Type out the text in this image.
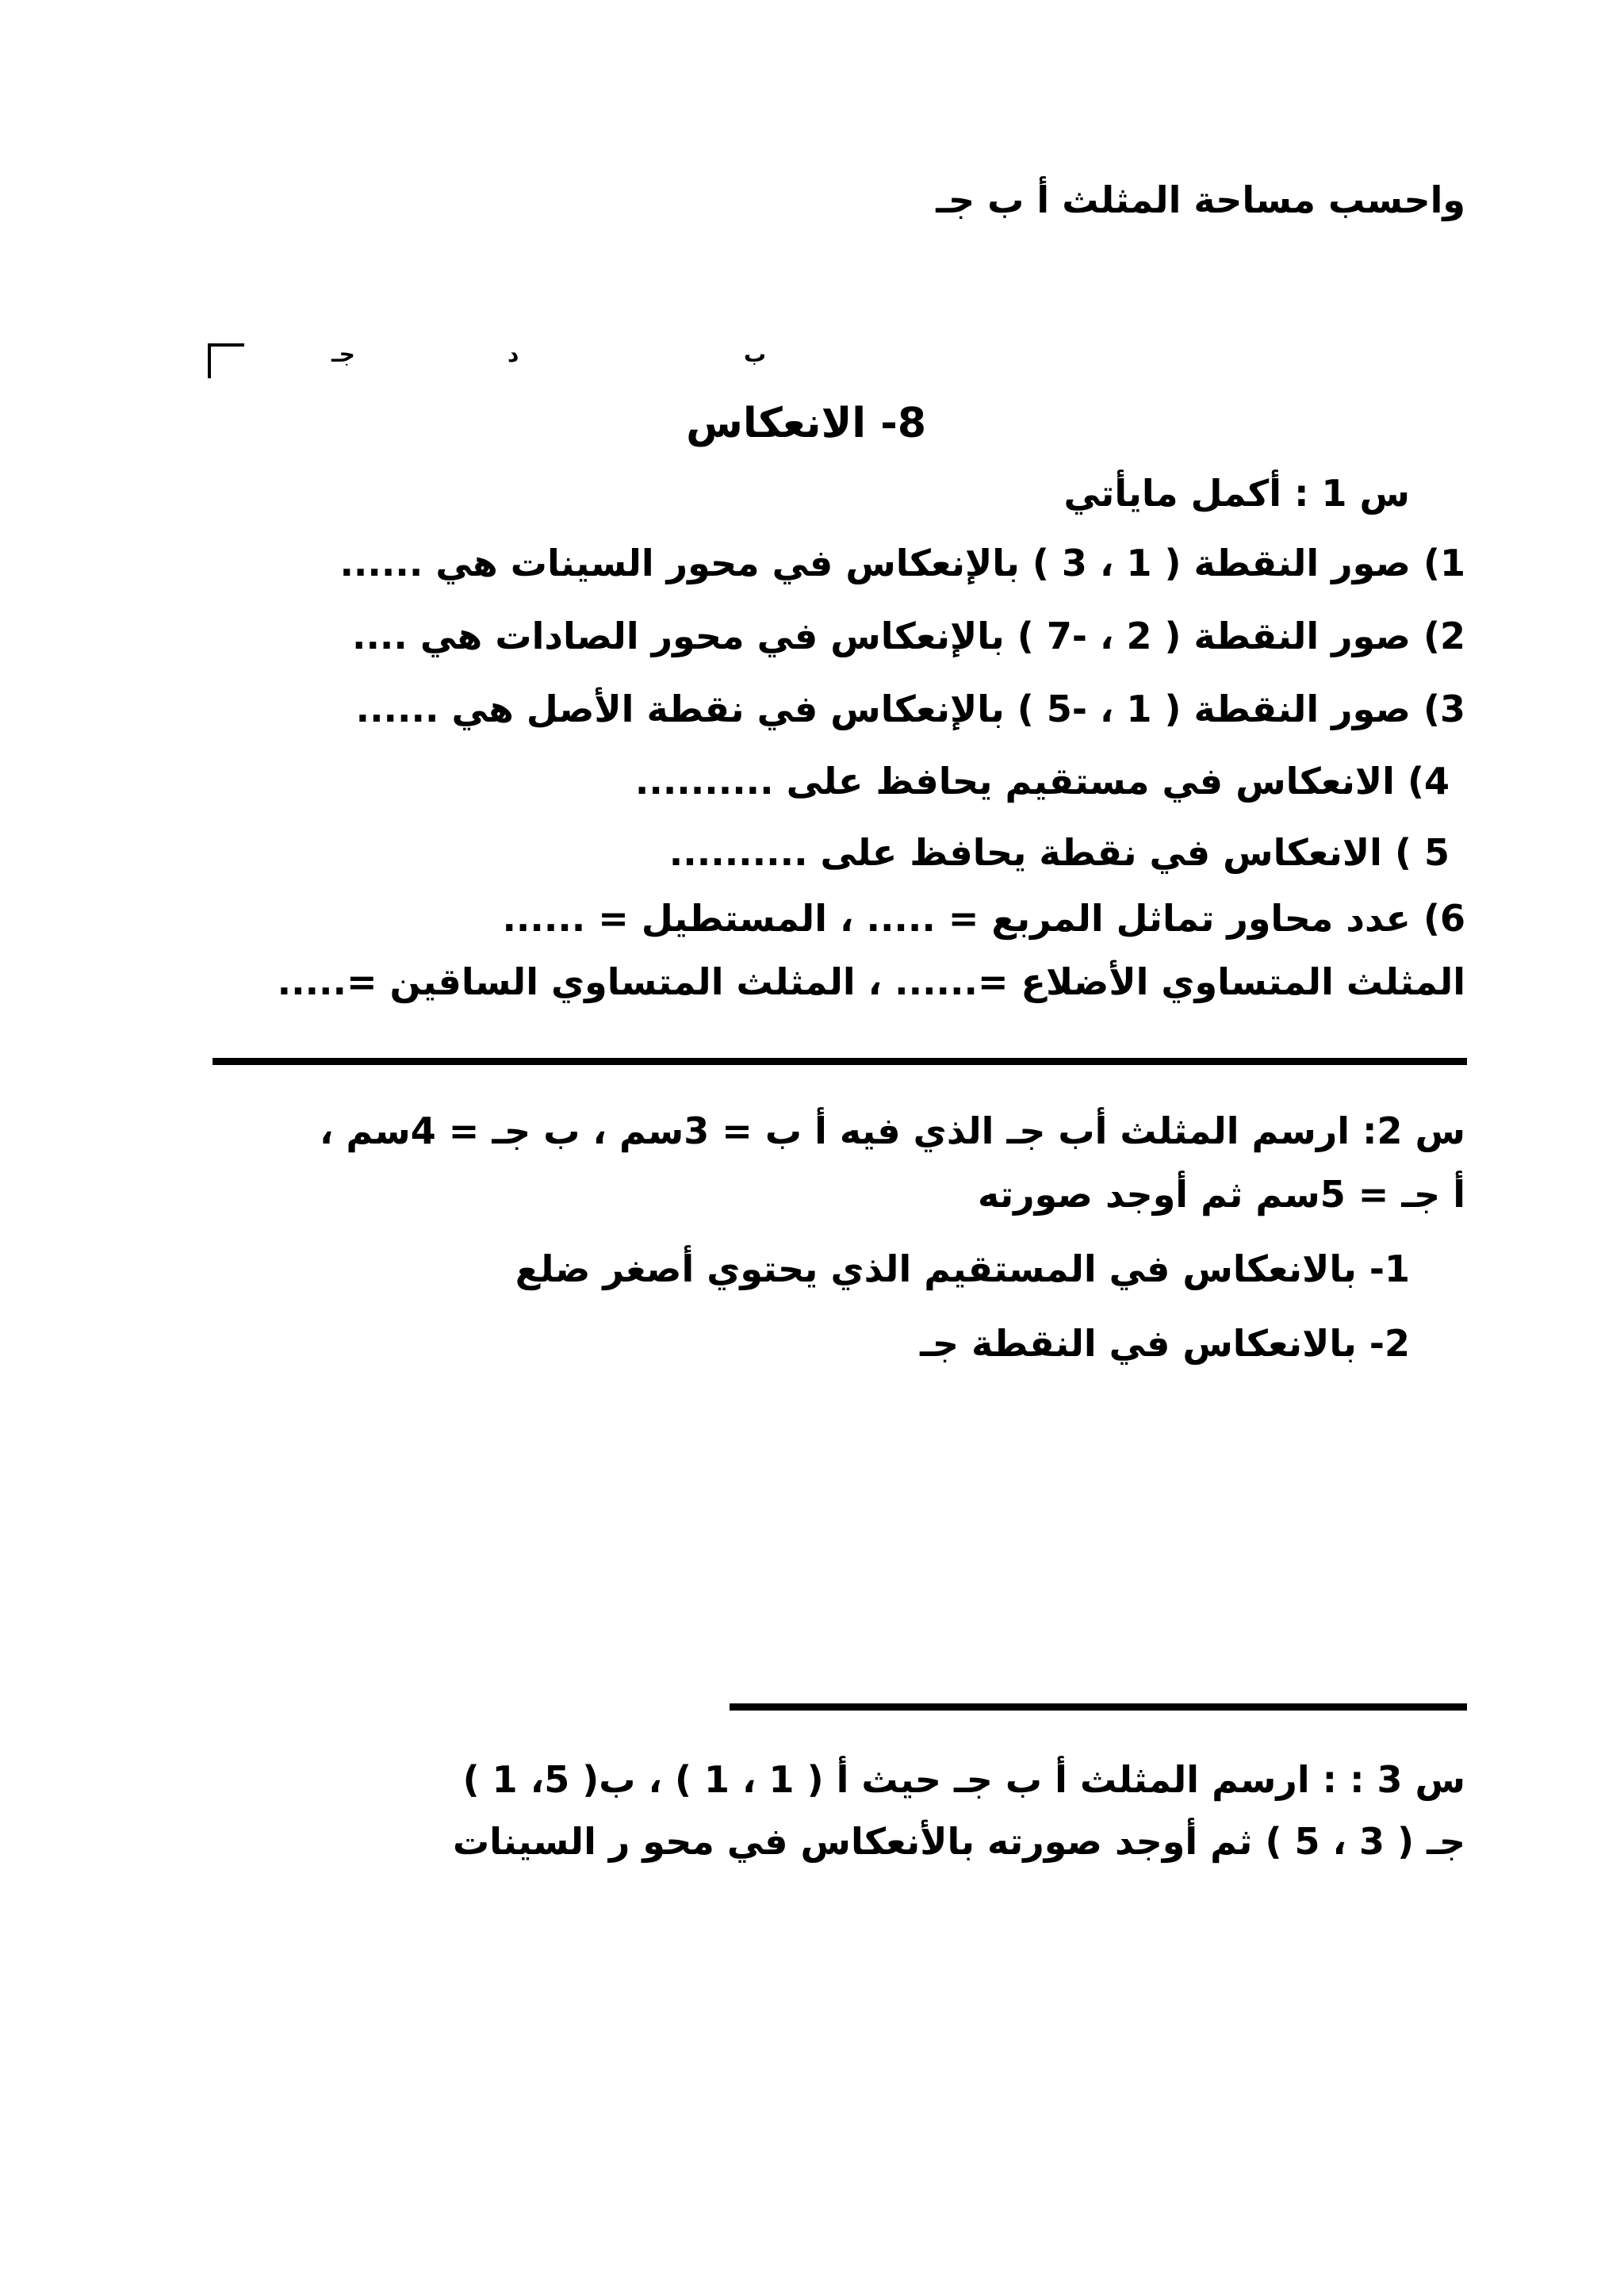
واحسب مساحة المثلث أ ب جـ
ب
د
جـ
8- الانعكاس
س 1 : أكمل مايأتي
1) صور النقطة ( 1 ، 3 ) بالإنعكاس في محور السينات هي ......
2) صور النقطة ( 2 ، -7 ) بالإنعكاس في محور الصادات هي ....
3) صور النقطة ( 1 ، -5 ) بالإنعكاس في نقطة الأصل هي ......
4) الانعكاس في مستقيم يحافظ على ..........
5 ) الانعكاس في نقطة يحافظ على ..........
6) عدد محاور تماثل المربع = ..... ، المستطيل = ......
المثلث المتساوي الأضلاع =...... ، المثلث المتساوي الساقين =.....
س 2: ارسم المثلث أب جـ الذي فيه أ ب = 3سم ، ب جـ = 4سم ،
أ جـ = 5سم ثم أوجد صورته
1- بالانعكاس في المستقيم الذي يحتوي أصغر ضلع
2- بالانعكاس في النقطة جـ
س 3 : : ارسم المثلث أ ب جـ حيث أ ( 1 ، 1 ) ، ب( 5، 1 )
جـ ( 3 ، 5 ) ثم أوجد صورته بالأنعكاس في محو ر السينات
